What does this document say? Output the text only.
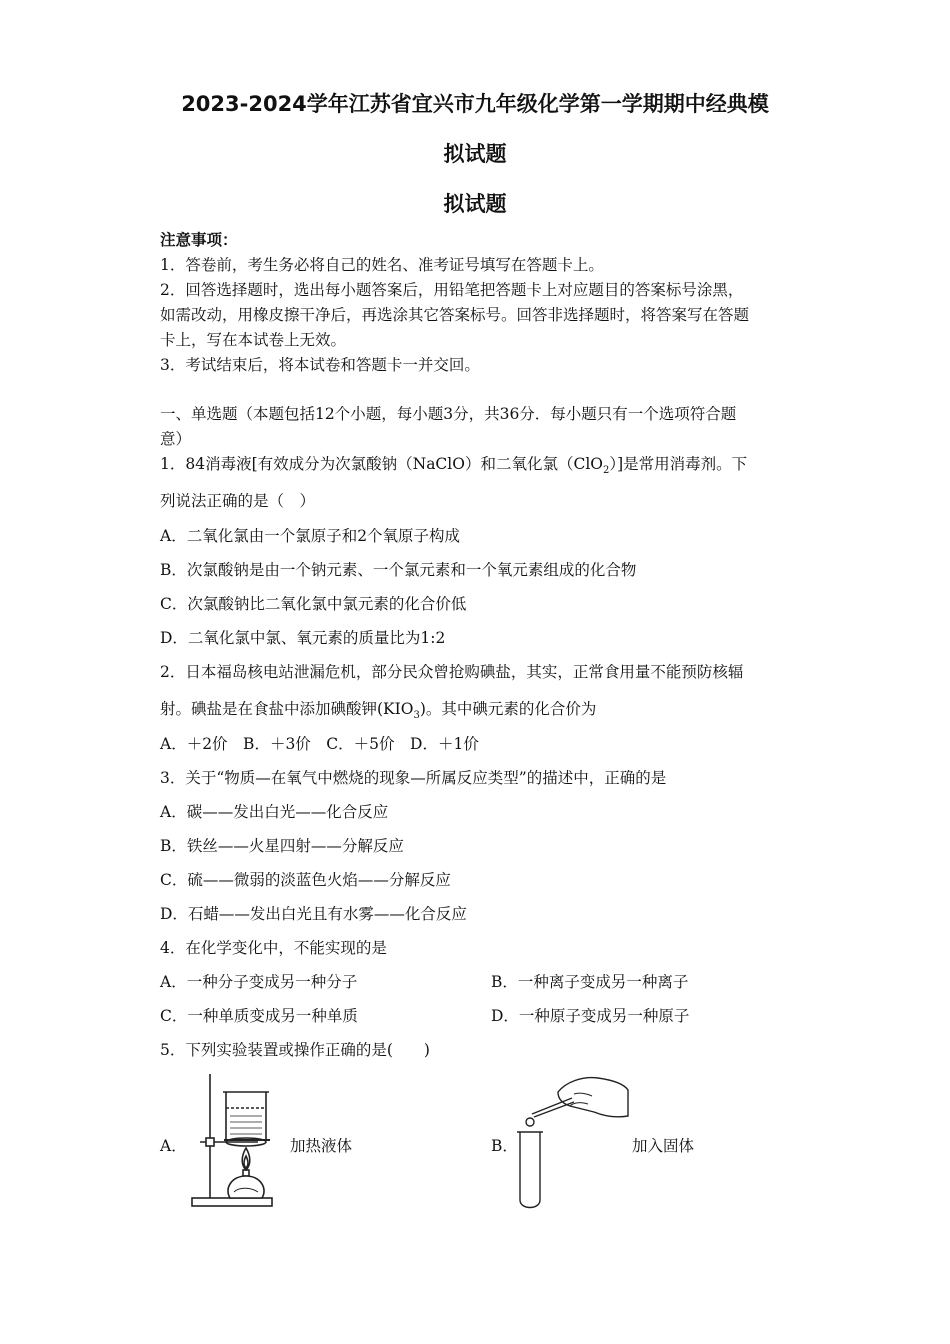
2023-2024学年江苏省宜兴市九年级化学第一学期期中经典模
拟试题
拟试题
注意事项：
1．答卷前，考生务必将自己的姓名、准考证号填写在答题卡上。
2．回答选择题时，选出每小题答案后，用铅笔把答题卡上对应题目的答案标号涂黑，
如需改动，用橡皮擦干净后，再选涂其它答案标号。回答非选择题时，将答案写在答题
卡上，写在本试卷上无效。
3．考试结束后，将本试卷和答题卡一并交回。
一、单选题（本题包括12个小题，每小题3分，共36分．每小题只有一个选项符合题
意）
1．84消毒液[有效成分为次氯酸钠（NaClO）和二氧化氯（ClO$_2$）]是常用消毒剂。下
列说法正确的是（　）
A．二氧化氯由一个氯原子和2个氧原子构成
B．次氯酸钠是由一个钠元素、一个氯元素和一个氧元素组成的化合物
C．次氯酸钠比二氧化氯中氯元素的化合价低
D．二氧化氯中氯、氧元素的质量比为1:2
2．日本福岛核电站泄漏危机，部分民众曾抢购碘盐，其实，正常食用量不能预防核辐
射。碘盐是在食盐中添加碘酸钾$(KIO_3)$。其中碘元素的化合价为
A．＋2价　B．＋3价　C．＋5价　D．＋1价
3．关于“物质—在氧气中燃烧的现象—所属反应类型”的描述中，正确的是
A．碳——发出白光——化合反应
B．铁丝——火星四射——分解反应
C．硫——微弱的淡蓝色火焰——分解反应
D．石蜡——发出白光且有水雾——化合反应
4．在化学变化中，不能实现的是
A．一种分子变成另一种分子	B．一种离子变成另一种离子
C．一种单质变成另一种单质	D．一种原子变成另一种原子
5．下列实验装置或操作正确的是(　　)
A．	加热液体	B．	加入固体
